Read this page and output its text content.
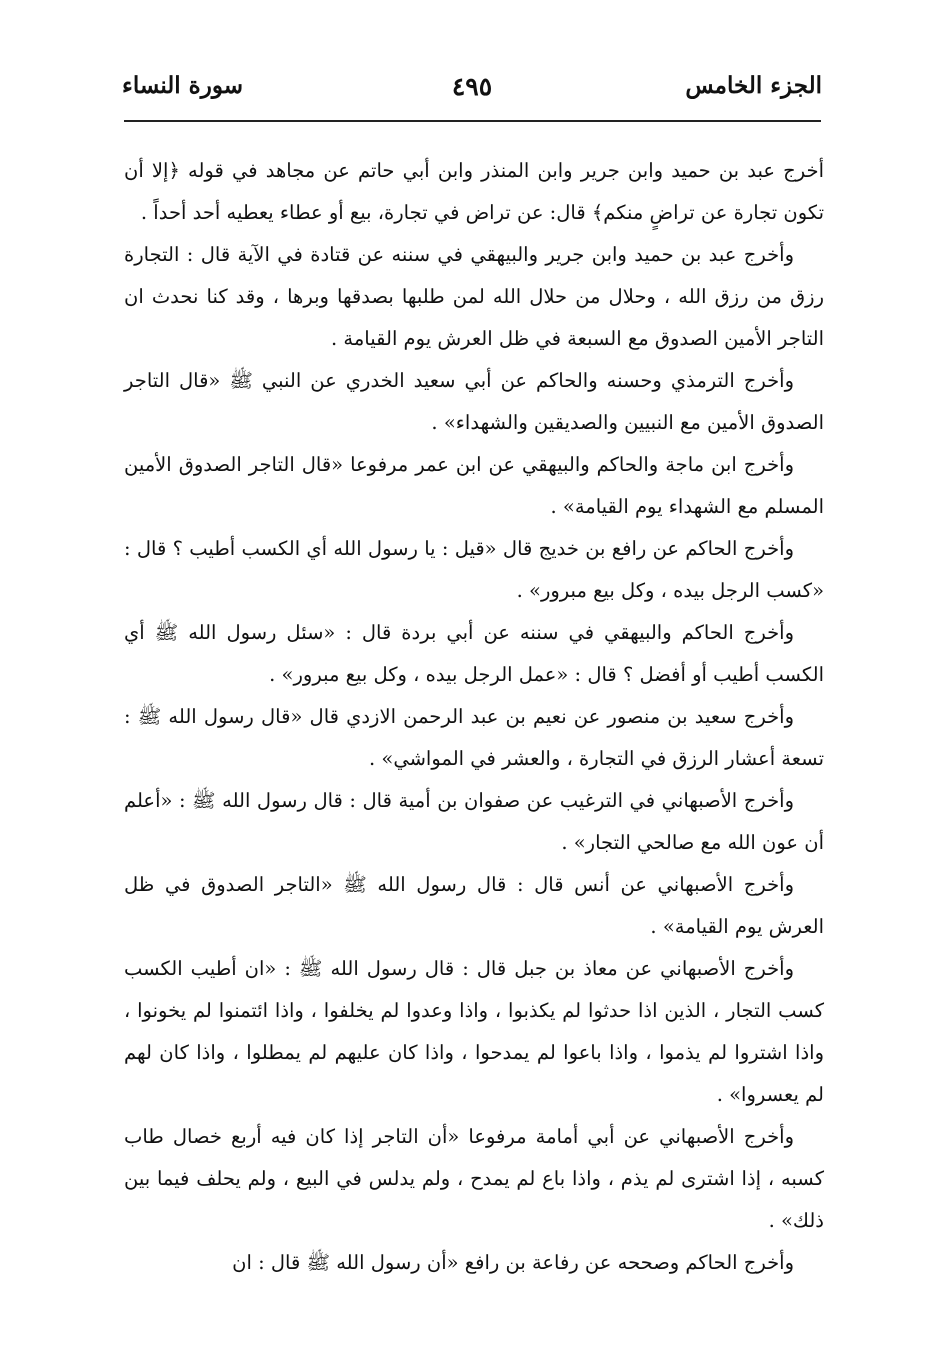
الجزء الخامس
٤٩٥
سورة النساء

أخرج عبد بن حميد وابن جرير وابن المنذر وابن أبي حاتم عن مجاهد في قوله ﴿إلا أن تكون تجارة عن تراضٍ منكم﴾ قال: عن تراض في تجارة، بيع أو عطاء يعطيه أحد أحداً .

وأخرج عبد بن حميد وابن جرير والبيهقي في سننه عن قتادة في الآية قال : التجارة رزق من رزق الله ، وحلال من حلال الله لمن طلبها بصدقها وبرها ، وقد كنا نحدث ان التاجر الأمين الصدوق مع السبعة في ظل العرش يوم القيامة .

وأخرج الترمذي وحسنه والحاكم عن أبي سعيد الخدري عن النبي ﷺ «قال التاجر الصدوق الأمين مع النبيين والصديقين والشهداء» .

وأخرج ابن ماجة والحاكم والبيهقي عن ابن عمر مرفوعا «قال التاجر الصدوق الأمين المسلم مع الشهداء يوم القيامة» .

وأخرج الحاكم عن رافع بن خديج قال «قيل : يا رسول الله أي الكسب أطيب ؟ قال : «كسب الرجل بيده ، وكل بيع مبرور» .

وأخرج الحاكم والبيهقي في سننه عن أبي بردة قال : «سئل رسول الله ﷺ أي الكسب أطيب أو أفضل ؟ قال : «عمل الرجل بيده ، وكل بيع مبرور» .

وأخرج سعيد بن منصور عن نعيم بن عبد الرحمن الازدي قال «قال رسول الله ﷺ : تسعة أعشار الرزق في التجارة ، والعشر في المواشي» .

وأخرج الأصبهاني في الترغيب عن صفوان بن أمية قال : قال رسول الله ﷺ : «أعلم أن عون الله مع صالحي التجار» .

وأخرج الأصبهاني عن أنس قال : قال رسول الله ﷺ «التاجر الصدوق في ظل العرش يوم القيامة» .

وأخرج الأصبهاني عن معاذ بن جبل قال : قال رسول الله ﷺ : «ان أطيب الكسب كسب التجار ، الذين اذا حدثوا لم يكذبوا ، واذا وعدوا لم يخلفوا ، واذا ائتمنوا لم يخونوا ، واذا اشتروا لم يذموا ، واذا باعوا لم يمدحوا ، واذا كان عليهم لم يمطلوا ، واذا كان لهم لم يعسروا» .

وأخرج الأصبهاني عن أبي أمامة مرفوعا «أن التاجر إذا كان فيه أربع خصال طاب كسبه ، إذا اشترى لم يذم ، واذا باع لم يمدح ، ولم يدلس في البيع ، ولم يحلف فيما بين ذلك» .

وأخرج الحاكم وصححه عن رفاعة بن رافع «أن رسول الله ﷺ قال : ان
